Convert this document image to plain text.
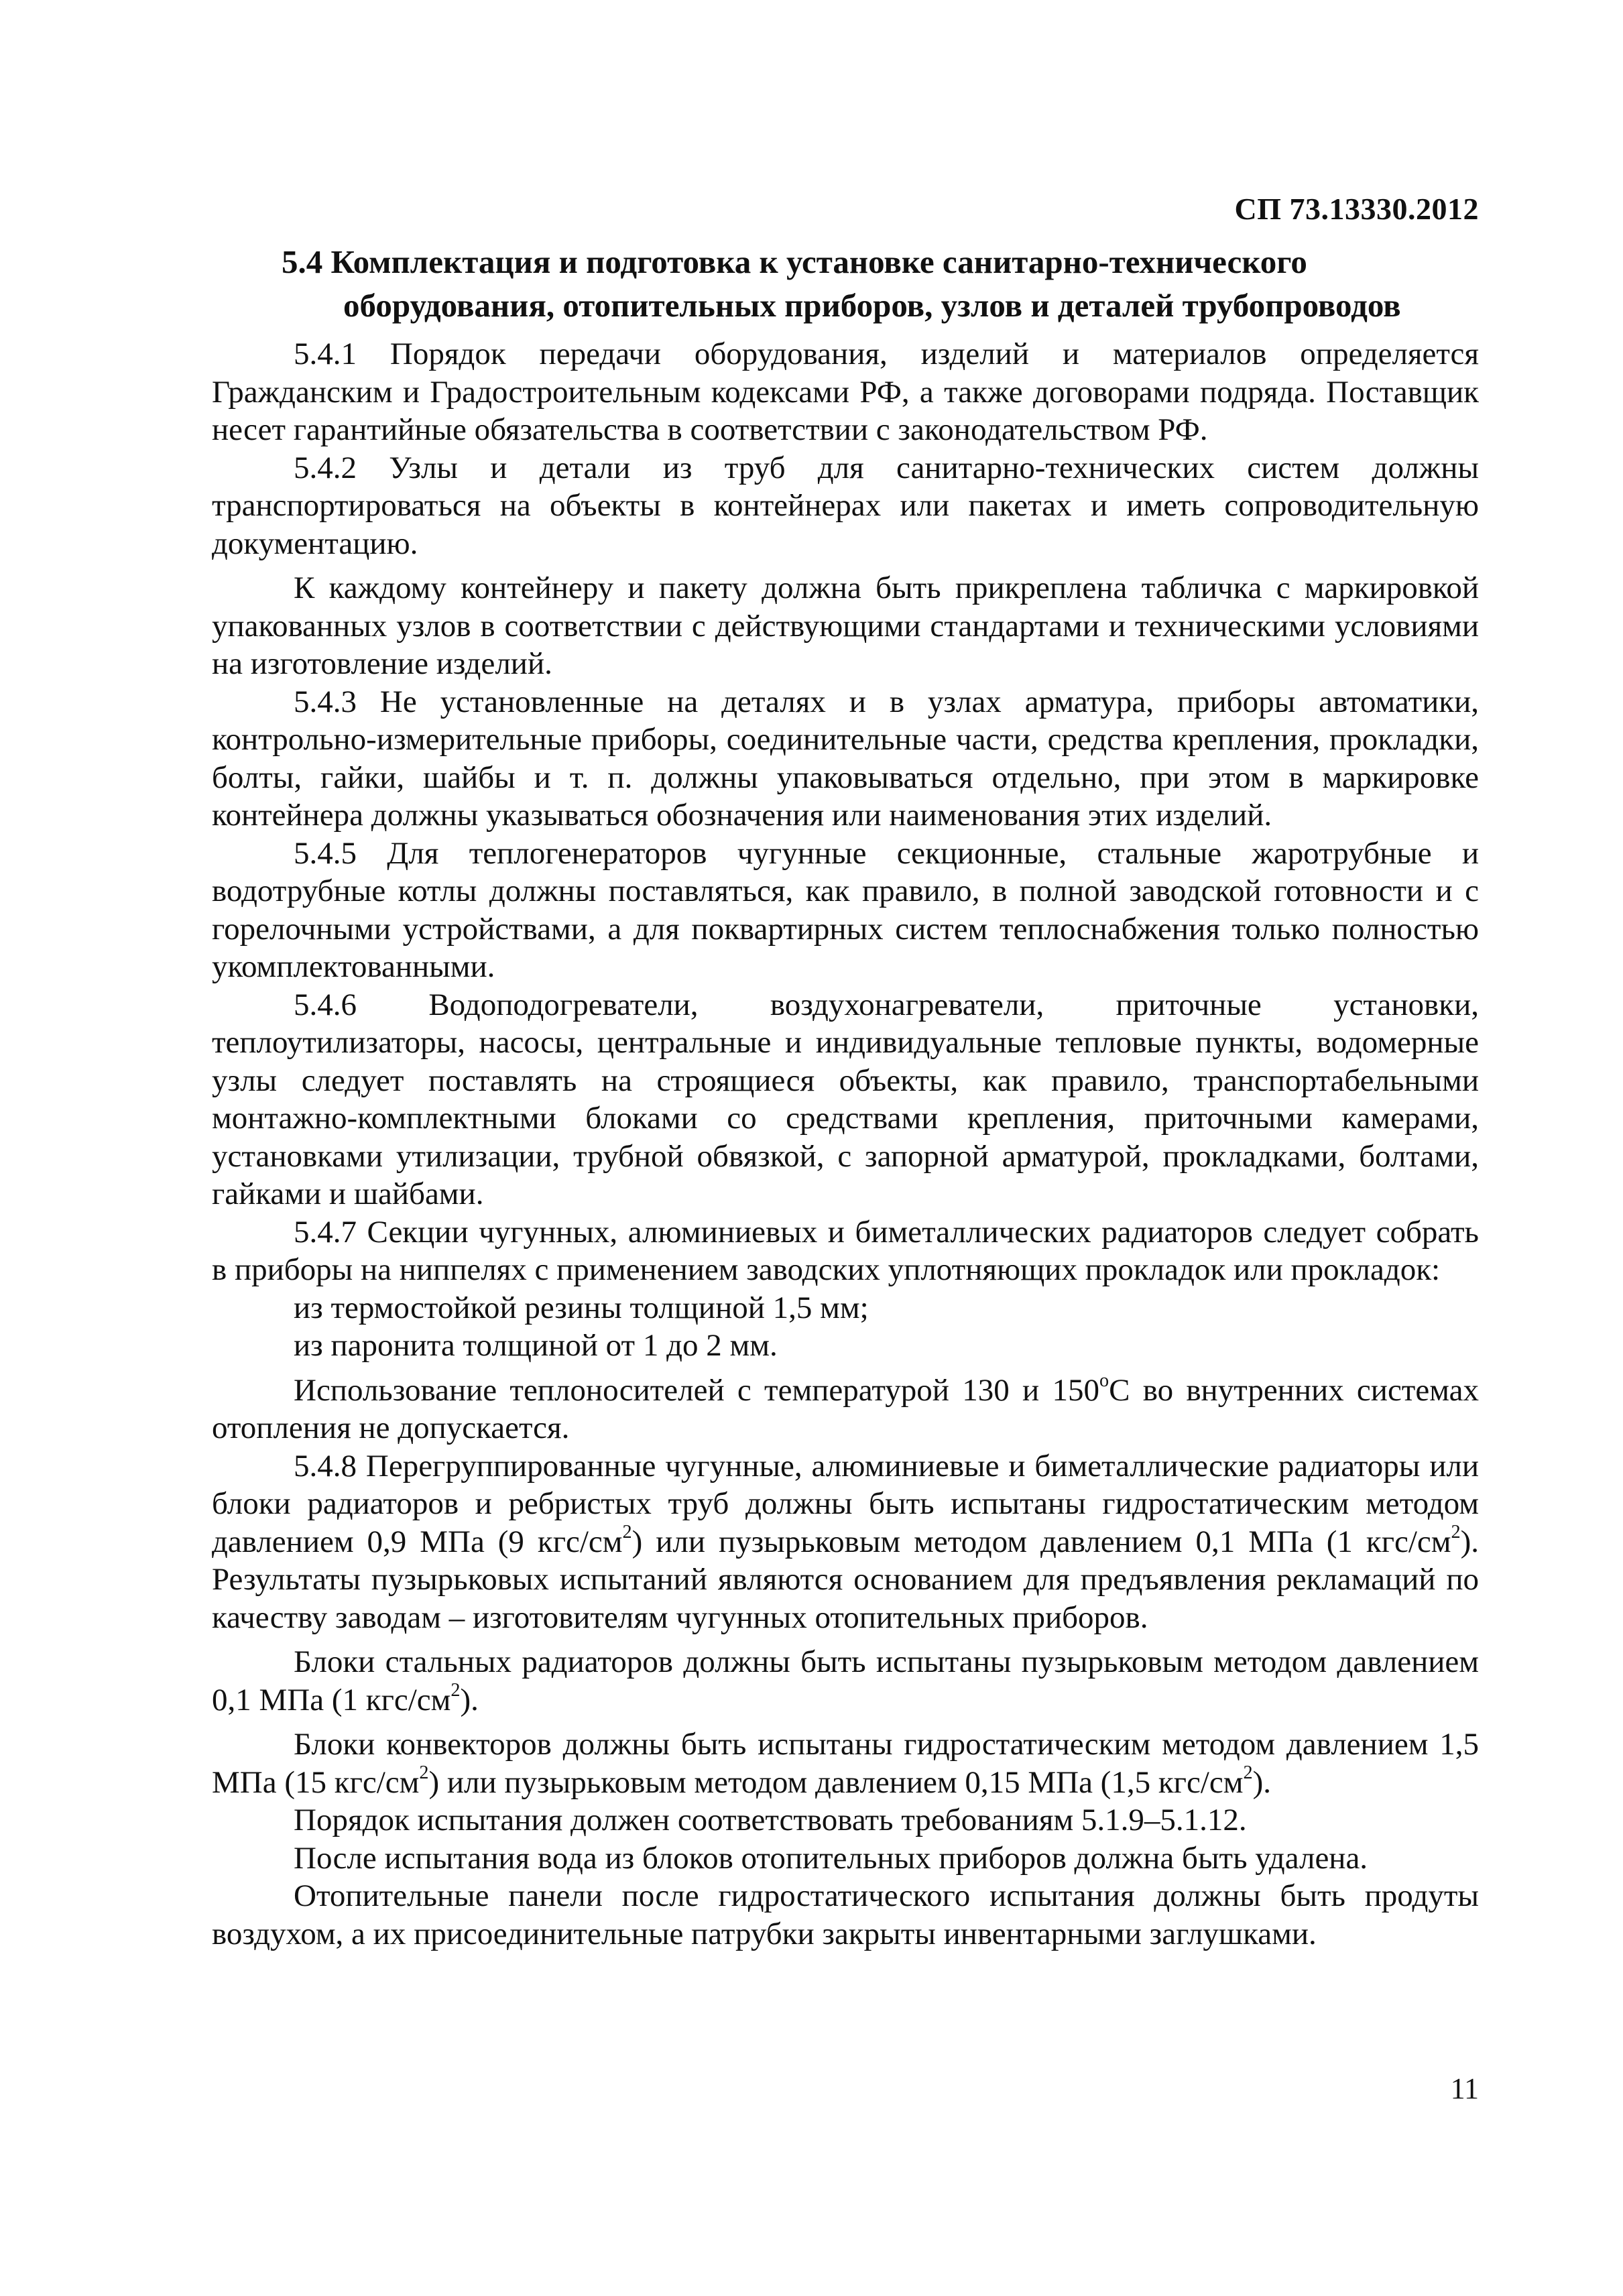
СП 73.13330.2012
5.4 Комплектация и подготовка к установке санитарно-технического
оборудования, отопительных приборов, узлов и деталей трубопроводов

5.4.1 Порядок передачи оборудования, изделий и материалов определяется Гражданским и Градостроительным кодексами РФ, а также договорами подряда. Поставщик несет гарантийные обязательства в соответствии с законодательством РФ.

5.4.2 Узлы и детали из труб для санитарно-технических систем должны транспортироваться на объекты в контейнерах или пакетах и иметь сопроводительную документацию.

К каждому контейнеру и пакету должна быть прикреплена табличка с маркировкой упакованных узлов в соответствии с действующими стандартами и техническими условиями на изготовление изделий.

5.4.3 Не установленные на деталях и в узлах арматура, приборы автоматики, контрольно-измерительные приборы, соединительные части, средства крепления, прокладки, болты, гайки, шайбы и т. п. должны упаковываться отдельно, при этом в маркировке контейнера должны указываться обозначения или наименования этих изделий.

5.4.5 Для теплогенераторов чугунные секционные, стальные жаротрубные и водотрубные котлы должны поставляться, как правило, в полной заводской готовности и с горелочными устройствами, а для поквартирных систем теплоснабжения только полностью укомплектованными.

5.4.6 Водоподогреватели, воздухонагреватели, приточные установки, теплоутилизаторы, насосы, центральные и индивидуальные тепловые пункты, водомерные узлы следует поставлять на строящиеся объекты, как правило, транспортабельными монтажно-комплектными блоками со средствами крепления, приточными камерами, установками утилизации, трубной обвязкой, с запорной арматурой, прокладками, болтами, гайками и шайбами.

5.4.7 Секции чугунных, алюминиевых и биметаллических радиаторов следует собрать в приборы на ниппелях с применением заводских уплотняющих прокладок или прокладок:

из термостойкой резины толщиной 1,5 мм;

из паронита толщиной от 1 до 2 мм.

Использование теплоносителей с температурой 130 и $150^оС$ во внутренних системах отопления не допускается.

5.4.8 Перегруппированные чугунные, алюминиевые и биметаллические радиаторы или блоки радиаторов и ребристых труб должны быть испытаны гидростатическим методом давлением 0,9 МПа (9 кгс/$см^2$) или пузырьковым методом давлением 0,1 МПа (1 кгс/$см^2$). Результаты пузырьковых испытаний являются основанием для предъявления рекламаций по качеству заводам – изготовителям чугунных отопительных приборов.

Блоки стальных радиаторов должны быть испытаны пузырьковым методом давлением 0,1 МПа (1 кгс/$см^2$).

Блоки конвекторов должны быть испытаны гидростатическим методом давлением 1,5 МПа (15 кгс/$см^2$) или пузырьковым методом давлением 0,15 МПа (1,5 кгс/$см^2$).

Порядок испытания должен соответствовать требованиям 5.1.9–5.1.12.

После испытания вода из блоков отопительных приборов должна быть удалена.

Отопительные панели после гидростатического испытания должны быть продуты воздухом, а их присоединительные патрубки закрыты инвентарными заглушками.

11
